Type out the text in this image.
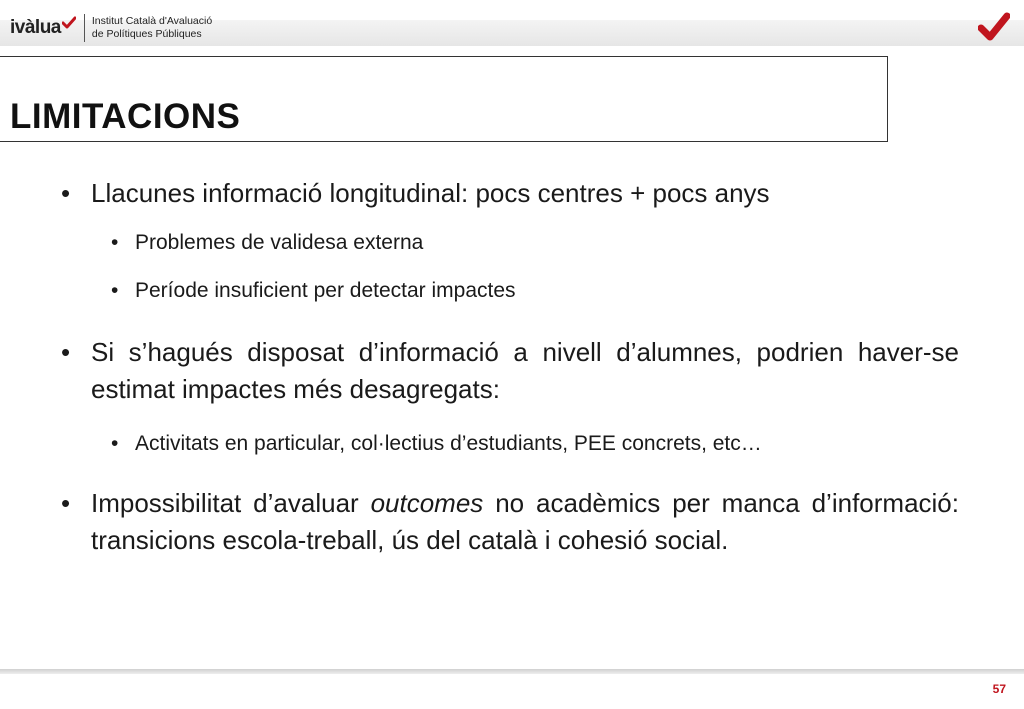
ivàlua	Institut Català d'Avaluació
de Polítiques Públiques
LIMITACIONS
• Llacunes informació longitudinal: pocs centres + pocs anys
• Problemes de validesa externa
• Període insuficient per detectar impactes
• Si s’hagués disposat d’informació a nivell d’alumnes, podrien haver-se estimat impactes més desagregats:
• Activitats en particular, col·lectius d’estudiants, PEE concrets, etc…
• Impossibilitat d’avaluar outcomes no acadèmics per manca d’informació: transicions escola-treball, ús del català i cohesió social.
57
